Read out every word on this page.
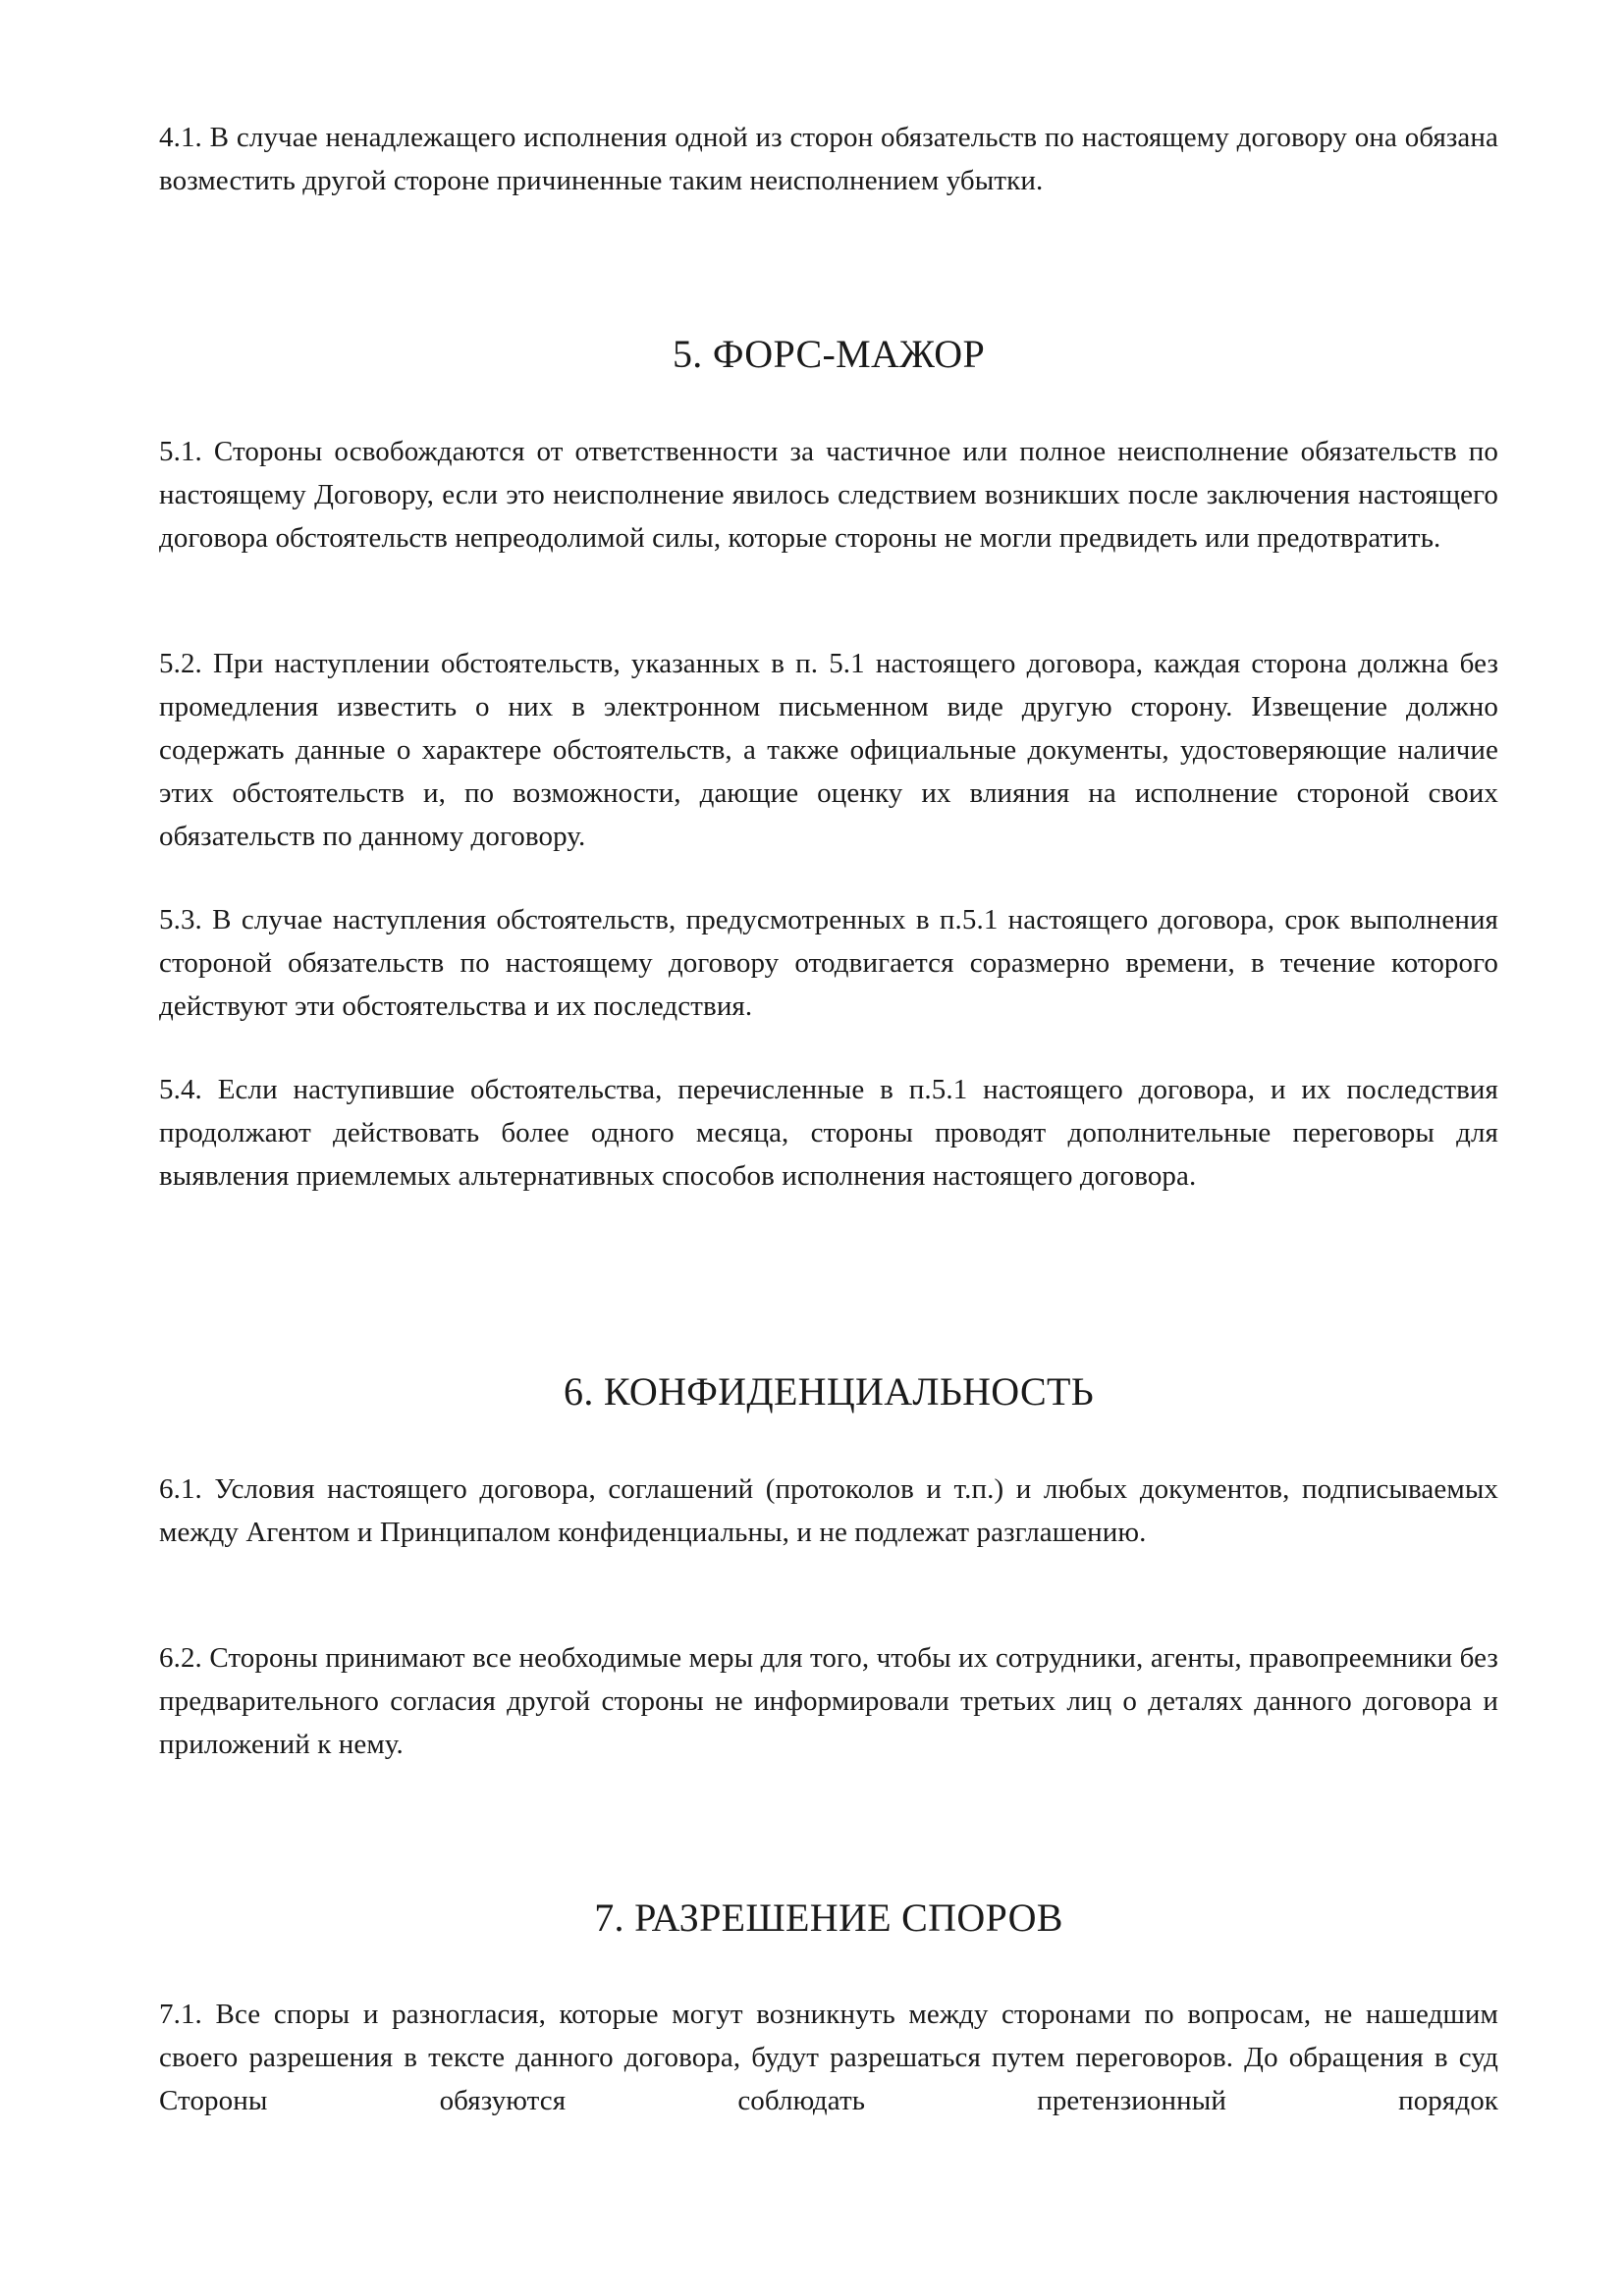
4.1. В случае ненадлежащего исполнения одной из сторон обязательств по настоящему договору она обязана возместить другой стороне причиненные таким неисполнением убытки.

5. ФОРС-МАЖОР

5.1. Стороны освобождаются от ответственности за частичное или полное неисполнение обязательств по настоящему Договору, если это неисполнение явилось следствием возникших после заключения настоящего договора обстоятельств непреодолимой силы, которые стороны не могли предвидеть или предотвратить.

5.2. При наступлении обстоятельств, указанных в п. 5.1 настоящего договора, каждая сторона должна без промедления известить о них в электронном письменном виде другую сторону. Извещение должно содержать данные о характере обстоятельств, а также официальные документы, удостоверяющие наличие этих обстоятельств и, по возможности, дающие оценку их влияния на исполнение стороной своих обязательств по данному договору.

5.3. В случае наступления обстоятельств, предусмотренных в п.5.1 настоящего договора, срок выполнения стороной обязательств по настоящему договору отодвигается соразмерно времени, в течение которого действуют эти обстоятельства и их последствия.

5.4. Если наступившие обстоятельства, перечисленные в п.5.1 настоящего договора, и их последствия продолжают действовать более одного месяца, стороны проводят дополнительные переговоры для выявления приемлемых альтернативных способов исполнения настоящего договора.

6. КОНФИДЕНЦИАЛЬНОСТЬ

6.1. Условия настоящего договора, соглашений (протоколов и т.п.) и любых документов, подписываемых между Агентом и Принципалом конфиденциальны, и не подлежат разглашению.

6.2. Стороны принимают все необходимые меры для того, чтобы их сотрудники, агенты, правопреемники без предварительного согласия другой стороны не информировали третьих лиц о деталях данного договора и приложений к нему.

7. РАЗРЕШЕНИЕ СПОРОВ

7.1. Все споры и разногласия, которые могут возникнуть между сторонами по вопросам, не нашедшим своего разрешения в тексте данного договора, будут разрешаться путем переговоров. До обращения в суд Стороны обязуются соблюдать претензионный порядок
